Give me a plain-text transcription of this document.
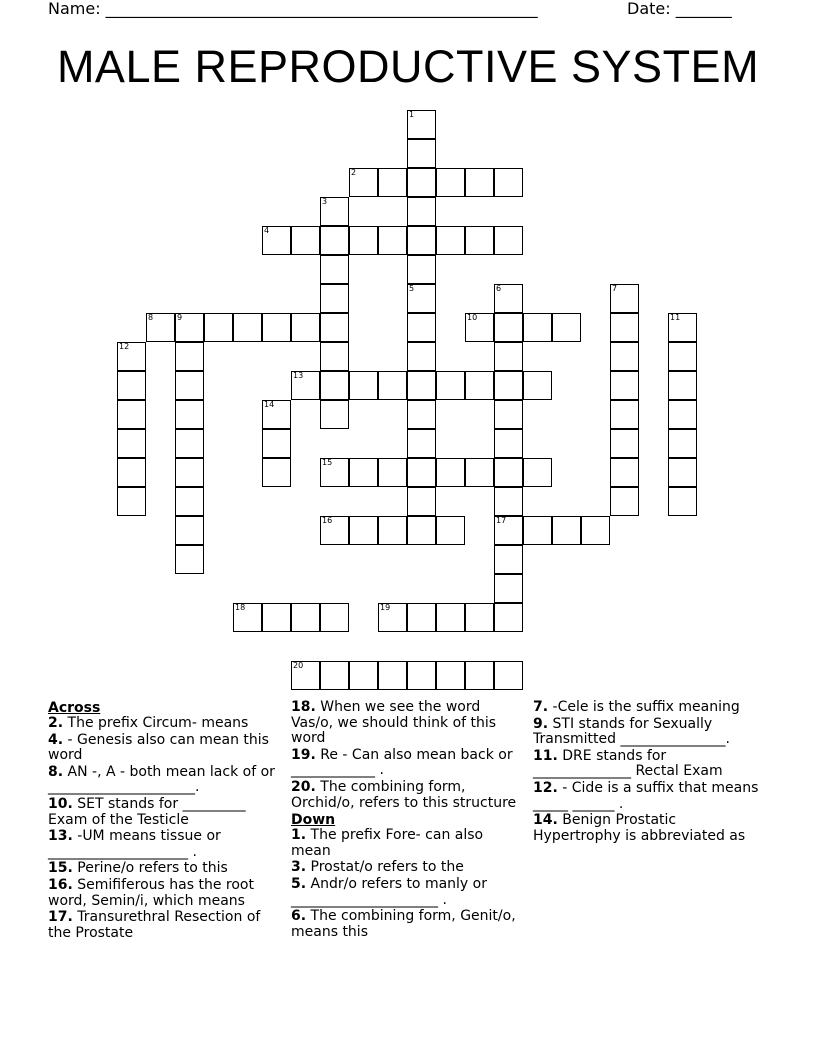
Name: ______________________________________________________	Date: _______
MALE REPRODUCTIVE SYSTEM
1
2
3
4
5	6
17
7
8	9	10	11
12
13
14
15
16
18	19
20
Across
2. The prefix Circum- means
4. - Genesis also can mean this word
8. AN -, A - both mean lack of or _____________________.
10. SET stands for _________ Exam of the Testicle
13. -UM means tissue or ____________________ .
15. Perine/o refers to this
16. Semififerous has the root word, Semin/i, which means
17. Transurethral Resection of the Prostate
18. When we see the word Vas/o, we should think of this word
19. Re - Can also mean back or ____________ .
20. The combining form, Orchid/o, refers to this structure
Down
1. The prefix Fore- can also mean
3. Prostat/o refers to the
5. Andr/o refers to manly or _____________________ .
6. The combining form, Genit/o, means this
7. -Cele is the suffix meaning
9. STI stands for Sexually Transmitted _______________.
11. DRE stands for ______________ Rectal Exam
12. - Cide is a suffix that means _____ ______ .
14. Benign Prostatic Hypertrophy is abbreviated as
